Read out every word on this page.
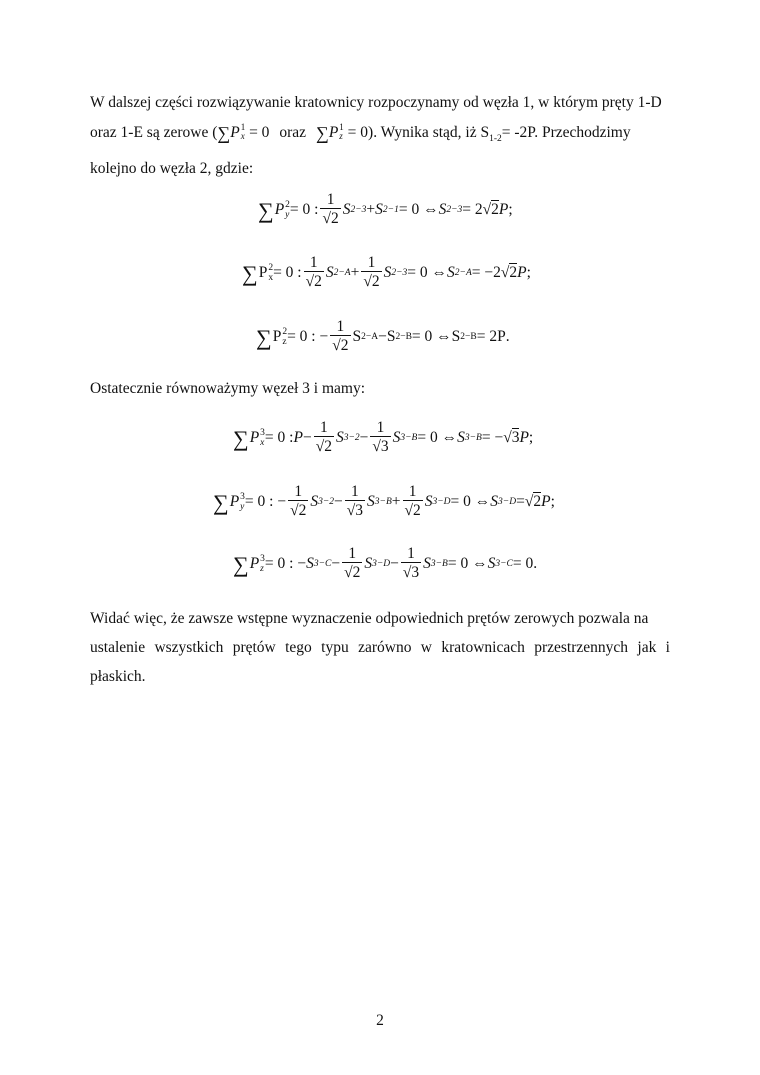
W dalszej części rozwiązywanie kratownicy rozpoczynamy od węzła 1, w którym pręty 1-D
oraz 1-E są zerowe (∑P 1
x = 0 oraz ∑P 1
z = 0). Wynika stąd, iż $S_{1-2}= -2P$. Przechodzimy
kolejno do węzła 2, gdzie:
∑ P 2
y = 0 : $\frac{1}{√2}$ S 2−3 + S 2−1 = 0 ⇔ S 2−3 = 2 √ 2 P ;
∑ P 2
x = 0 : $\frac{1}{√2}$ S $2-A + \frac{1}{√2}$ S 2−3 = 0 ⇔ S 2−A = −2 √ 2 P ;
∑ P 2
z = 0 : − $\frac{1}{√2}$ S 2−A − S 2−B = 0 ⇔ S 2−B = 2P .
Ostatecznie równoważymy węzeł 3 i mamy:
∑ P 3
x = 0 : $P - \frac{1}{√2}$ S $3-2 - \frac{1}{√3}$ S 3−B = 0 ⇔ S 3−B = − √ 3 P ;
∑ P 3
y = 0 : − $\frac{1}{√2}$ S $3-2 - \frac{1}{√3}$ S $3-B + \frac{1}{√2}$ S 3−D = 0 ⇔ S 3−D = √ 2 P ;
∑ P 3
z = 0 : − S $3-C - \frac{1}{√2}$ S $3-D - \frac{1}{√3}$ S 3−B = 0 ⇔ S 3−C = 0 .
Widać więc, że zawsze wstępne wyznaczenie odpowiednich prętów zerowych pozwala na
ustalenie wszystkich prętów tego typu zarówno w kratownicach przestrzennych jak i płaskich.
2
